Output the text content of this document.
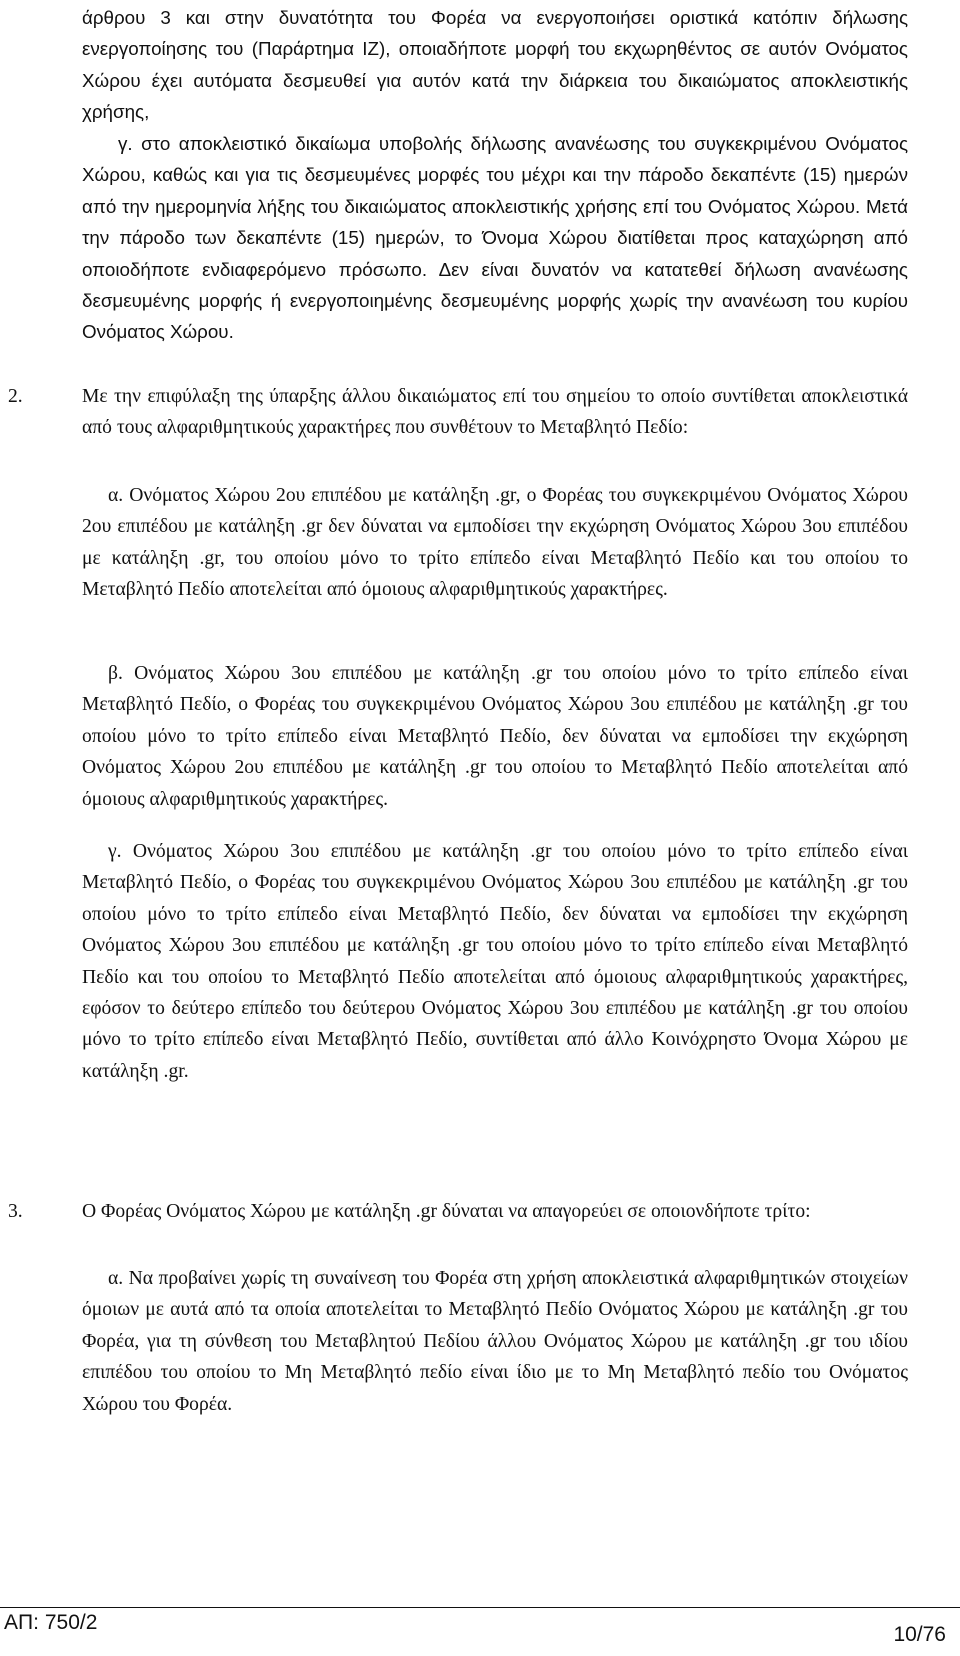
άρθρου 3 και στην δυνατότητα του Φορέα να ενεργοποιήσει οριστικά κατόπιν δήλωσης ενεργοποίησης του (Παράρτημα ΙΖ), οποιαδήποτε μορφή του εκχωρηθέντος σε αυτόν Ονόματος Χώρου έχει αυτόματα δεσμευθεί για αυτόν κατά την διάρκεια του δικαιώματος αποκλειστικής χρήσης,

γ. στο αποκλειστικό δικαίωμα υποβολής δήλωσης ανανέωσης του συγκεκριμένου Ονόματος Χώρου, καθώς και για τις δεσμευμένες μορφές του μέχρι και την πάροδο δεκαπέντε (15) ημερών από την ημερομηνία λήξης του δικαιώματος αποκλειστικής χρήσης επί του Ονόματος Χώρου. Μετά την πάροδο των δεκαπέντε (15) ημερών, το Όνομα Χώρου διατίθεται προς καταχώρηση από οποιοδήποτε ενδιαφερόμενο πρόσωπο. Δεν είναι δυνατόν να κατατεθεί δήλωση ανανέωσης δεσμευμένης μορφής ή ενεργοποιημένης δεσμευμένης μορφής χωρίς την ανανέωση του κυρίου Ονόματος Χώρου.

2.	Με την επιφύλαξη της ύπαρξης άλλου δικαιώματος επί του σημείου το οποίο συντίθεται αποκλειστικά από τους αλφαριθμητικούς χαρακτήρες που συνθέτουν το Μεταβλητό Πεδίο:

α. Ονόματος Χώρου 2ου επιπέδου με κατάληξη .gr, ο Φορέας του συγκεκριμένου Ονόματος Χώρου 2ου επιπέδου με κατάληξη .gr δεν δύναται να εμποδίσει την εκχώρηση Ονόματος Χώρου 3ου επιπέδου με κατάληξη .gr, του οποίου μόνο το τρίτο επίπεδο είναι Μεταβλητό Πεδίο και του οποίου το Μεταβλητό Πεδίο αποτελείται από όμοιους αλφαριθμητικούς χαρακτήρες.

β. Ονόματος Χώρου 3ου επιπέδου με κατάληξη .gr του οποίου μόνο το τρίτο επίπεδο είναι Μεταβλητό Πεδίο, ο Φορέας του συγκεκριμένου Ονόματος Χώρου 3ου επιπέδου με κατάληξη .gr του οποίου μόνο το τρίτο επίπεδο είναι Μεταβλητό Πεδίο, δεν δύναται να εμποδίσει την εκχώρηση Ονόματος Χώρου 2ου επιπέδου με κατάληξη .gr του οποίου το Μεταβλητό Πεδίο αποτελείται από όμοιους αλφαριθμητικούς χαρακτήρες.

γ. Ονόματος Χώρου 3ου επιπέδου με κατάληξη .gr του οποίου μόνο το τρίτο επίπεδο είναι Μεταβλητό Πεδίο, ο Φορέας του συγκεκριμένου Ονόματος Χώρου 3ου επιπέδου με κατάληξη .gr του οποίου μόνο το τρίτο επίπεδο είναι Μεταβλητό Πεδίο, δεν δύναται να εμποδίσει την εκχώρηση Ονόματος Χώρου 3ου επιπέδου με κατάληξη .gr του οποίου μόνο το τρίτο επίπεδο είναι Μεταβλητό Πεδίο και του οποίου το Μεταβλητό Πεδίο αποτελείται από όμοιους αλφαριθμητικούς χαρακτήρες, εφόσον το δεύτερο επίπεδο του δεύτερου Ονόματος Χώρου 3ου επιπέδου με κατάληξη .gr του οποίου μόνο το τρίτο επίπεδο είναι Μεταβλητό Πεδίο, συντίθεται από άλλο Κοινόχρηστο Όνομα Χώρου με κατάληξη .gr.

3.	Ο Φορέας Ονόματος Χώρου με κατάληξη .gr δύναται να απαγορεύει σε οποιονδήποτε τρίτο:

α. Να προβαίνει χωρίς τη συναίνεση του Φορέα στη χρήση αποκλειστικά αλφαριθμητικών στοιχείων όμοιων με αυτά από τα οποία αποτελείται το Μεταβλητό Πεδίο Ονόματος Χώρου με κατάληξη .gr του Φορέα, για τη σύνθεση του Μεταβλητού Πεδίου άλλου Ονόματος Χώρου με κατάληξη .gr του ιδίου επιπέδου του οποίου το Μη Μεταβλητό πεδίο είναι ίδιο με το Μη Μεταβλητό πεδίο του Ονόματος Χώρου του Φορέα.

ΑΠ: 750/2
10/76
